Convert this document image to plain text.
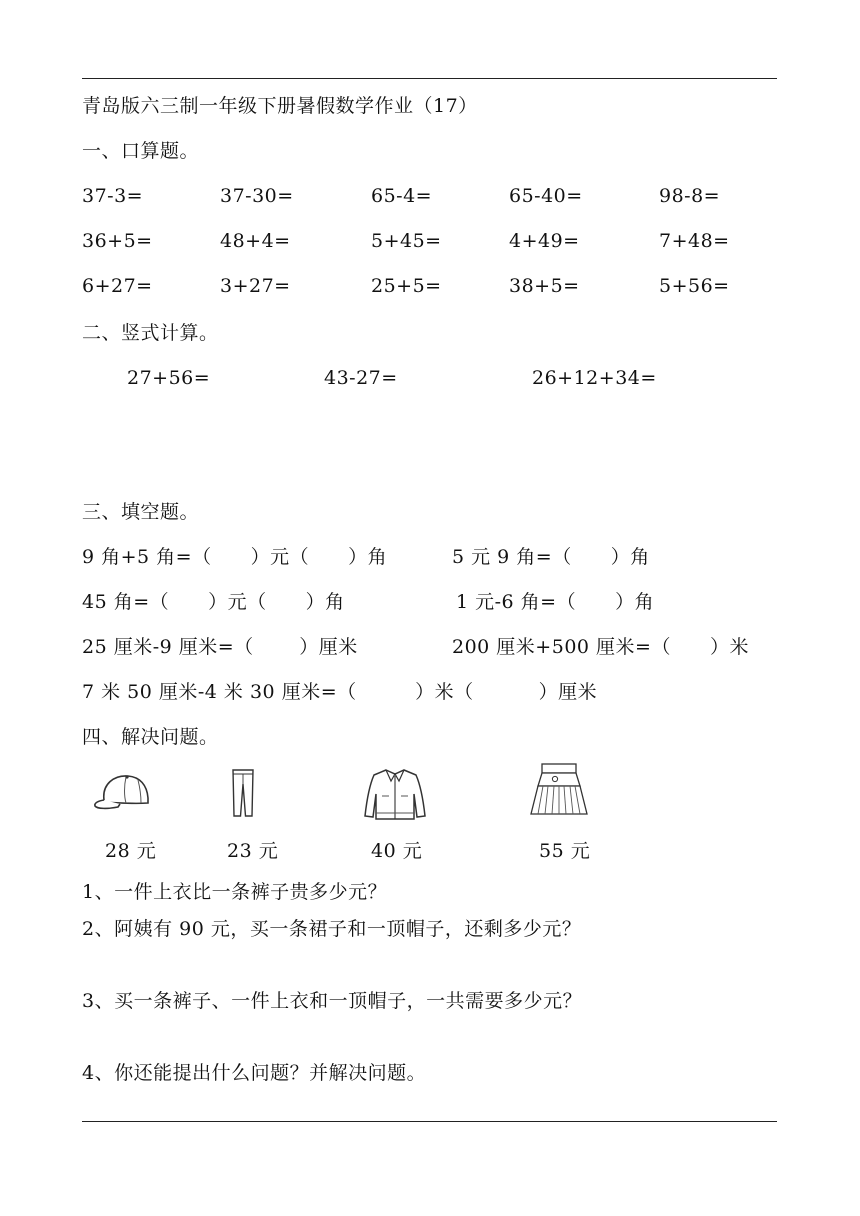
青岛版六三制一年级下册暑假数学作业（17）
一、口算题。
37-3=	37-30=	65-4=	65-40=	98-8=
36+5=	48+4=	5+45=	4+49=	7+48=
6+27=	3+27=	25+5=	38+5=	5+56=
二、竖式计算。
27+56=	43-27=	26+12+34=
三、填空题。
9 角+5 角=（　　）元（　　）角	5 元 9 角=（　　）角
45 角=（　　）元（　　）角	1 元-6 角=（　　）角
25 厘米-9 厘米=（　　 ）厘米	200 厘米+500 厘米=（　　）米
7 米 50 厘米-4 米 30 厘米=（　　　）米（　　　 ）厘米
四、解决问题。
28 元	23 元	40 元	55 元
1、一件上衣比一条裤子贵多少元？
2、阿姨有 90 元，买一条裙子和一顶帽子，还剩多少元？
3、买一条裤子、一件上衣和一顶帽子，一共需要多少元？
4、你还能提出什么问题？并解决问题。
